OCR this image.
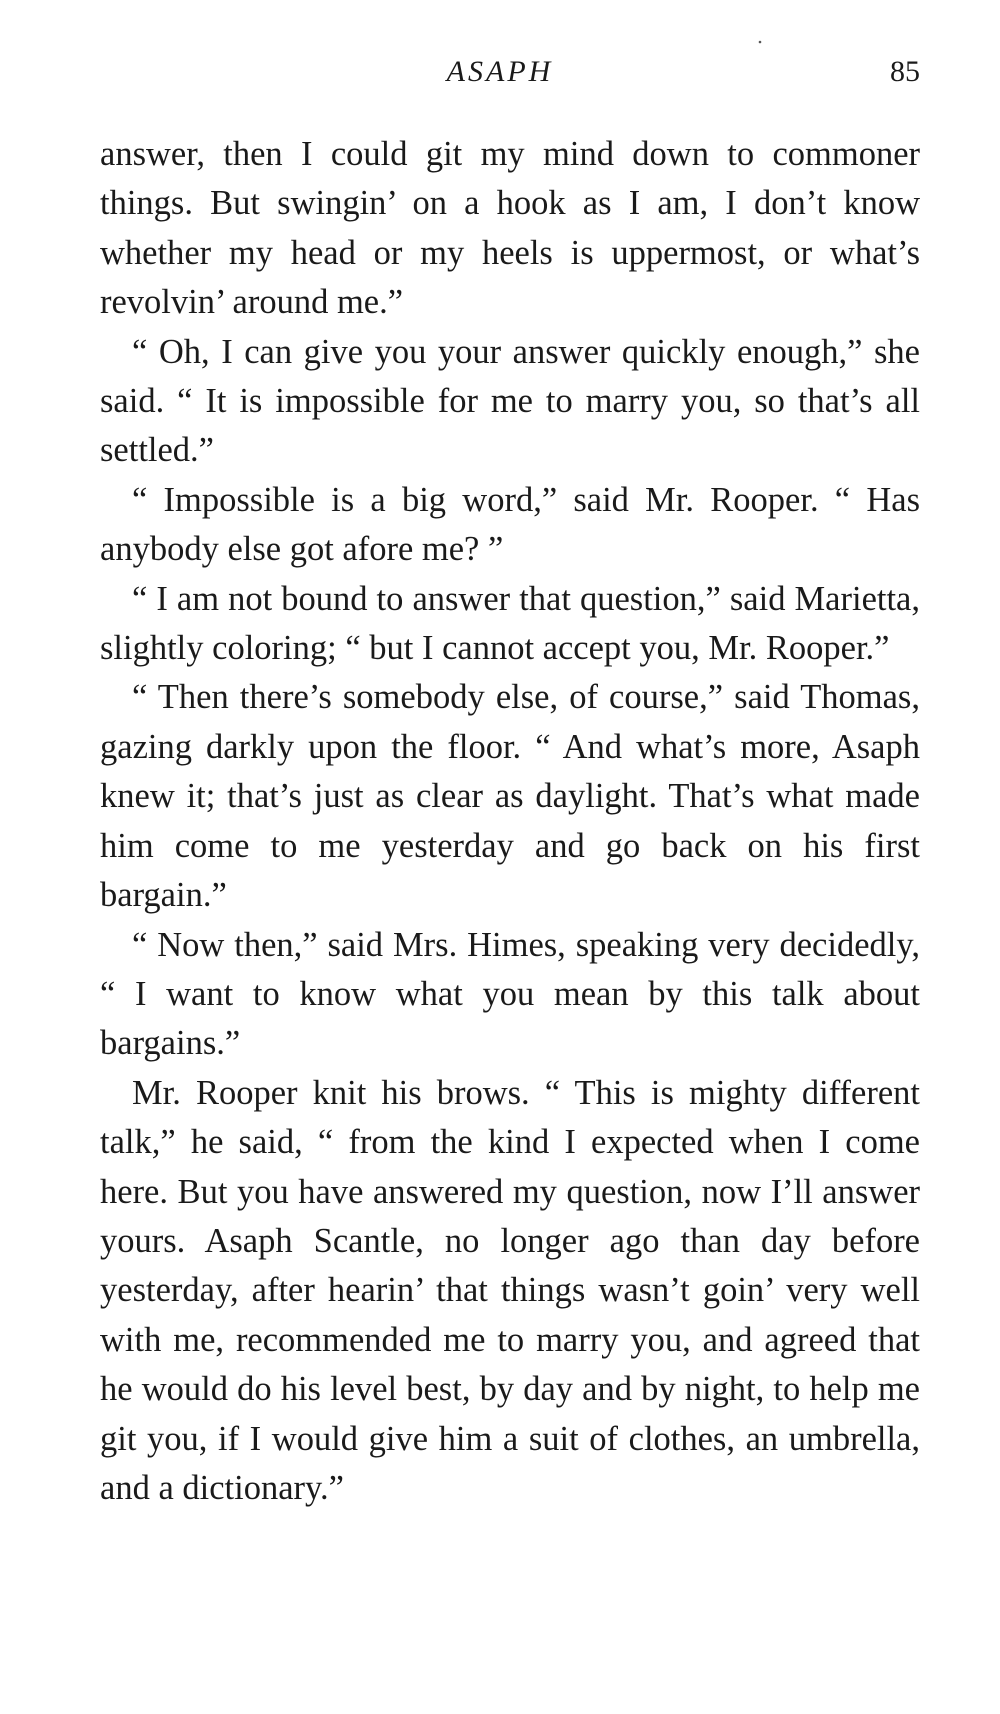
ASAPH	85

answer, then I could git my mind down to commoner things. But swingin’ on a hook as I am, I don’t know whether my head or my heels is uppermost, or what’s revolvin’ around me.”

“ Oh, I can give you your answer quickly enough,” she said. “ It is impossible for me to marry you, so that’s all settled.”

“ Impossible is a big word,” said Mr. Rooper. “ Has anybody else got afore me? ”

“ I am not bound to answer that question,” said Marietta, slightly coloring; “ but I cannot accept you, Mr. Rooper.”

“ Then there’s somebody else, of course,” said Thomas, gazing darkly upon the floor. “ And what’s more, Asaph knew it; that’s just as clear as daylight. That’s what made him come to me yesterday and go back on his first bargain.”

“ Now then,” said Mrs. Himes, speaking very decidedly, “ I want to know what you mean by this talk about bargains.”

Mr. Rooper knit his brows. “ This is mighty different talk,” he said, “ from the kind I expected when I come here. But you have answered my question, now I’ll answer yours. Asaph Scantle, no longer ago than day before yesterday, after hearin’ that things wasn’t goin’ very well with me, recommended me to marry you, and agreed that he would do his level best, by day and by night, to help me git you, if I would give him a suit of clothes, an umbrella, and a dictionary.”
